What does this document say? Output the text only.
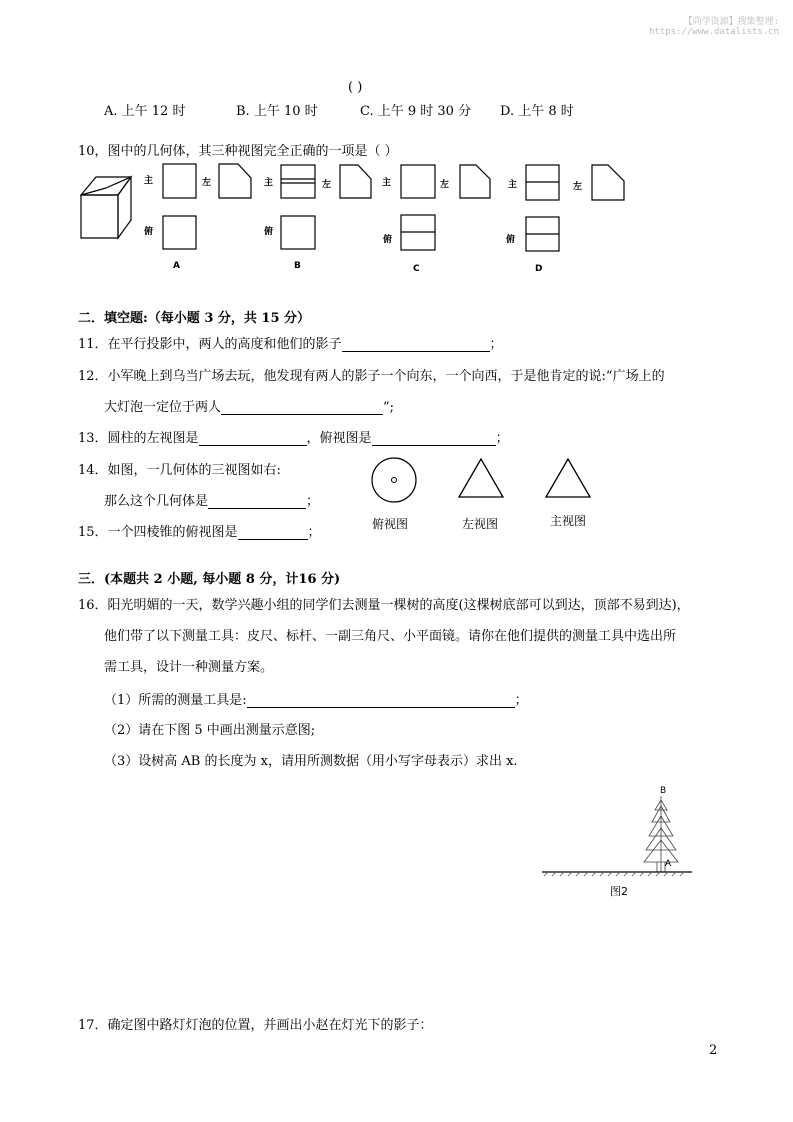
【尚学资源】搜集整理:
https://www.datalists.cn
( )
A. 上午 12 时	B. 上午 10 时	C. 上午 9 时 30 分 D. 上午 8 时
10，图中的几何体，其三种视图完全正确的一项是（ ）
主	左
俯
A
主	左
俯
B
主	左
俯
C
主	左
俯
D
二．填空题:（每小题 3 分，共 15 分）
11．在平行投影中，两人的高度和他们的影子	；
12．小军晚上到乌当广场去玩，他发现有两人的影子一个向东，一个向西，于是他肯定的说:“广场上的
大灯泡一定位于两人	”;
13．圆柱的左视图是	，俯视图是	；
14．如图，一几何体的三视图如右:
那么这个几何体是	；
15．一个四棱锥的俯视图是	；
俯视图	左视图	主视图
三．(本题共 2 小题, 每小题 8 分，计16 分)
16．阳光明媚的一天，数学兴趣小组的同学们去测量一棵树的高度(这棵树底部可以到达，顶部不易到达)，
他们带了以下测量工具：皮尺、标杆、一副三角尺、小平面镜。请你在他们提供的测量工具中选出所
需工具，设计一种测量方案。
（1）所需的测量工具是:	；
（2）请在下图 5 中画出测量示意图;
（3）设树高 AB 的长度为 x，请用所测数据（用小写字母表示）求出 x.
B
A
图2
17．确定图中路灯灯泡的位置，并画出小赵在灯光下的影子：
2
